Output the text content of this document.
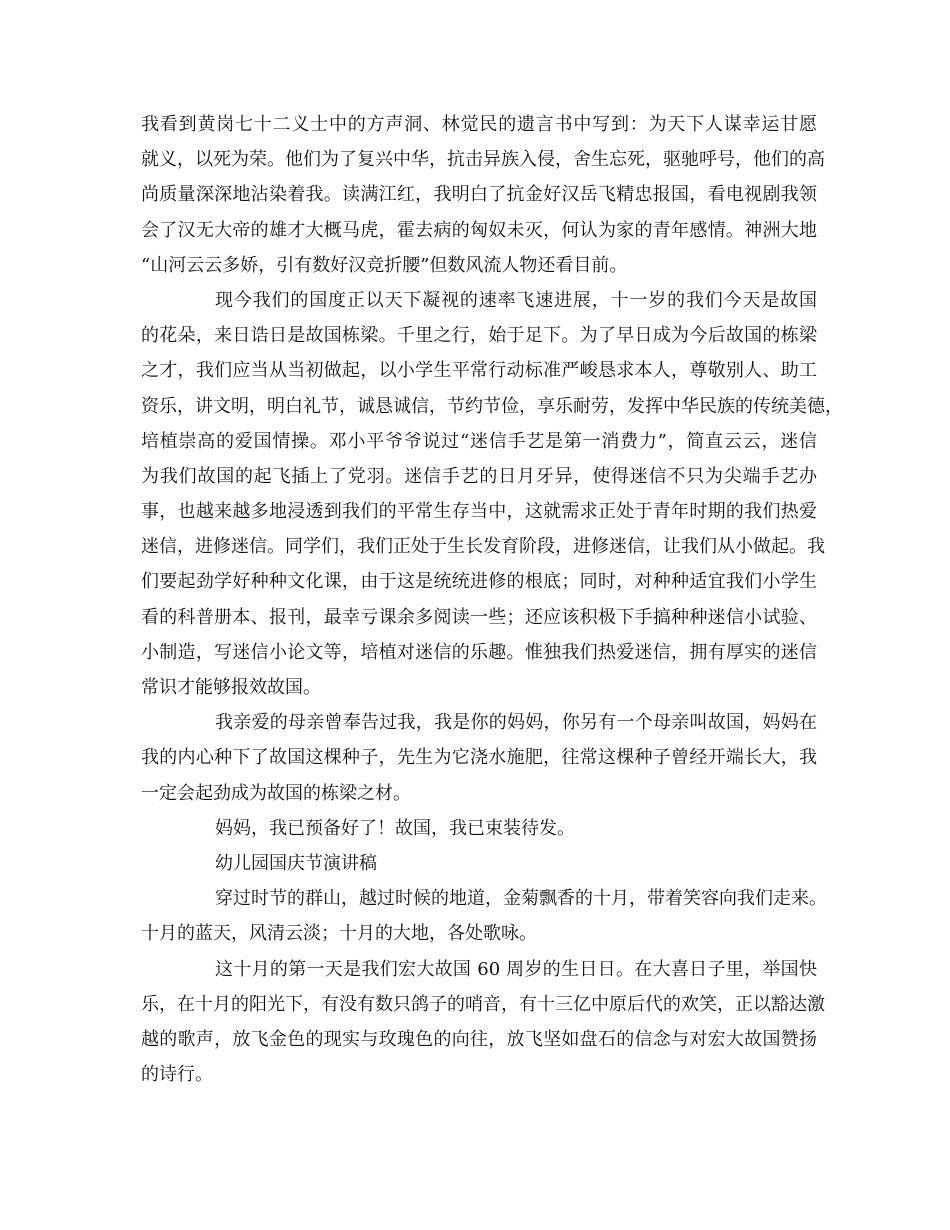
我看到黄岗七十二义士中的方声洞、林觉民的遗言书中写到：为天下人谋幸运甘愿
就义，以死为荣。他们为了复兴中华，抗击异族入侵，舍生忘死，驱驰呼号，他们的高
尚质量深深地沾染着我。读满江红，我明白了抗金好汉岳飞精忠报国，看电视剧我领
会了汉无大帝的雄才大概马虎，霍去病的匈奴未灭，何认为家的青年感情。神洲大地
“山河云云多娇，引有数好汉竞折腰”但数风流人物还看目前。
现今我们的国度正以天下凝视的速率飞速进展，十一岁的我们今天是故国
的花朵，来日诰日是故国栋梁。千里之行，始于足下。为了早日成为今后故国的栋梁
之才，我们应当从当初做起，以小学生平常行动标准严峻恳求本人，尊敬别人、助工
资乐，讲文明，明白礼节，诚恳诚信，节约节俭，享乐耐劳，发挥中华民族的传统美德，
培植崇高的爱国情操。邓小平爷爷说过“迷信手艺是第一消费力”，简直云云，迷信
为我们故国的起飞插上了党羽。迷信手艺的日月牙异，使得迷信不只为尖端手艺办
事，也越来越多地浸透到我们的平常生存当中，这就需求正处于青年时期的我们热爱
迷信，进修迷信。同学们，我们正处于生长发育阶段，进修迷信，让我们从小做起。我
们要起劲学好种种文化课，由于这是统统进修的根底；同时，对种种适宜我们小学生
看的科普册本、报刊，最幸亏课余多阅读一些；还应该积极下手搞种种迷信小试验、
小制造，写迷信小论文等，培植对迷信的乐趣。惟独我们热爱迷信，拥有厚实的迷信
常识才能够报效故国。
我亲爱的母亲曾奉告过我，我是你的妈妈，你另有一个母亲叫故国，妈妈在
我的内心种下了故国这棵种子，先生为它浇水施肥，往常这棵种子曾经开端长大，我
一定会起劲成为故国的栋梁之材。
妈妈，我已预备好了！故国，我已束装待发。
幼儿园国庆节演讲稿
穿过时节的群山，越过时候的地道，金菊飘香的十月，带着笑容向我们走来。
十月的蓝天，风清云淡；十月的大地，各处歌咏。
这十月的第一天是我们宏大故国 60 周岁的生日日。在大喜日子里，举国快
乐，在十月的阳光下，有没有数只鸽子的哨音，有十三亿中原后代的欢笑，正以豁达激
越的歌声，放飞金色的现实与玫瑰色的向往，放飞坚如盘石的信念与对宏大故国赞扬
的诗行。
